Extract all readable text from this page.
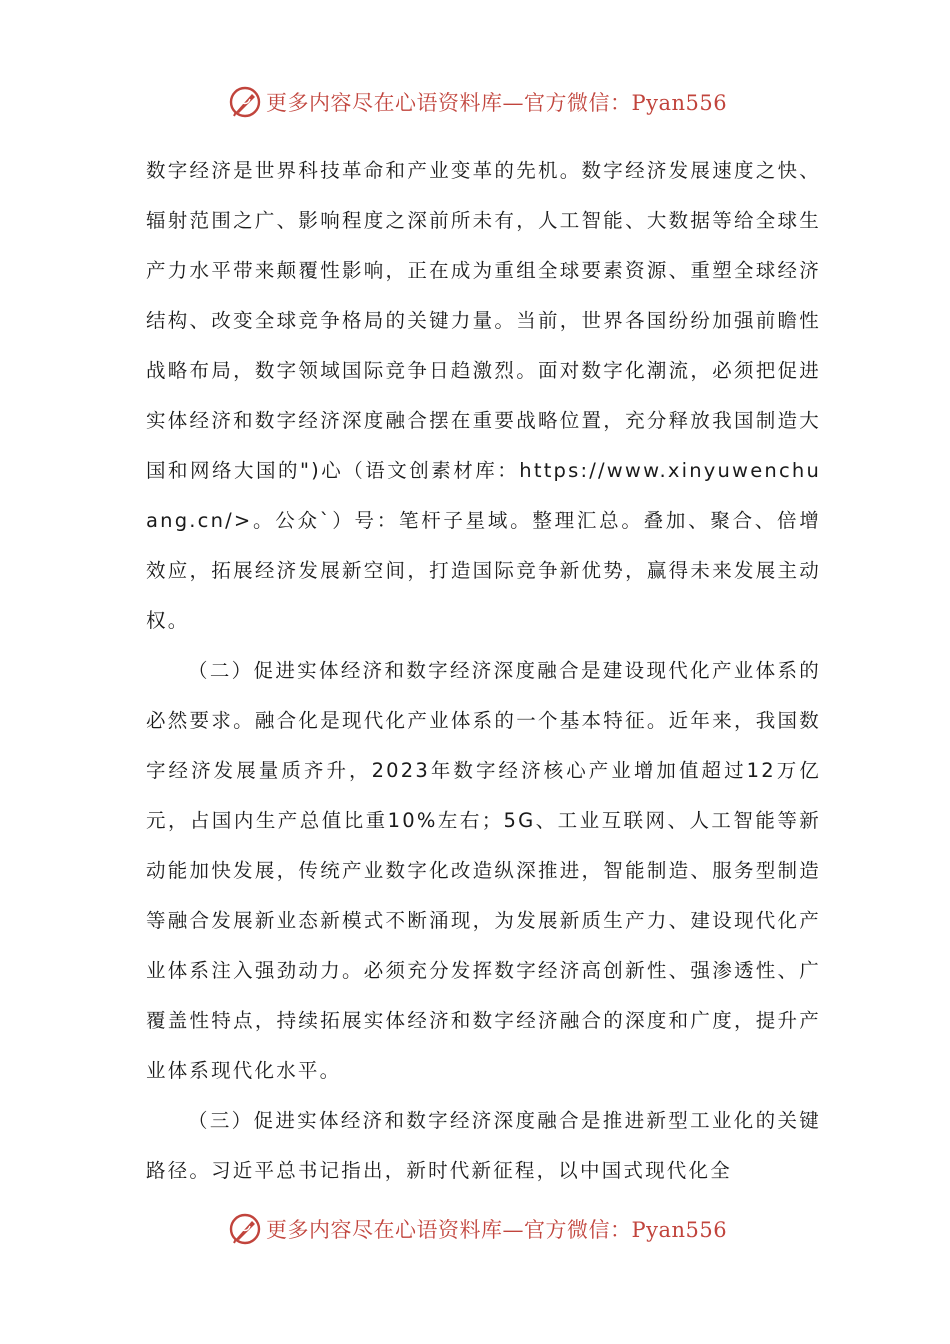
更多内容尽在心语资料库—官方微信：Pyan556

数字经济是世界科技革命和产业变革的先机。数字经济发展速度之快、辐射范围之广、影响程度之深前所未有，人工智能、大数据等给全球生产力水平带来颠覆性影响，正在成为重组全球要素资源、重塑全球经济结构、改变全球竞争格局的关键力量。当前，世界各国纷纷加强前瞻性战略布局，数字领域国际竞争日趋激烈。面对数字化潮流，必须把促进实体经济和数字经济深度融合摆在重要战略位置，充分释放我国制造大国和网络大国的")心（语文创素材库：https://www.xinyuwenchuang.cn/>。公众`）号：笔杆子星域。整理汇总。叠加、聚合、倍增效应，拓展经济发展新空间，打造国际竞争新优势，赢得未来发展主动权。

（二）促进实体经济和数字经济深度融合是建设现代化产业体系的必然要求。融合化是现代化产业体系的一个基本特征。近年来，我国数字经济发展量质齐升，2023年数字经济核心产业增加值超过12万亿元，占国内生产总值比重10%左右；5G、工业互联网、人工智能等新动能加快发展，传统产业数字化改造纵深推进，智能制造、服务型制造等融合发展新业态新模式不断涌现，为发展新质生产力、建设现代化产业体系注入强劲动力。必须充分发挥数字经济高创新性、强渗透性、广覆盖性特点，持续拓展实体经济和数字经济融合的深度和广度，提升产业体系现代化水平。

（三）促进实体经济和数字经济深度融合是推进新型工业化的关键路径。习近平总书记指出，新时代新征程，以中国式现代化全

更多内容尽在心语资料库—官方微信：Pyan556
